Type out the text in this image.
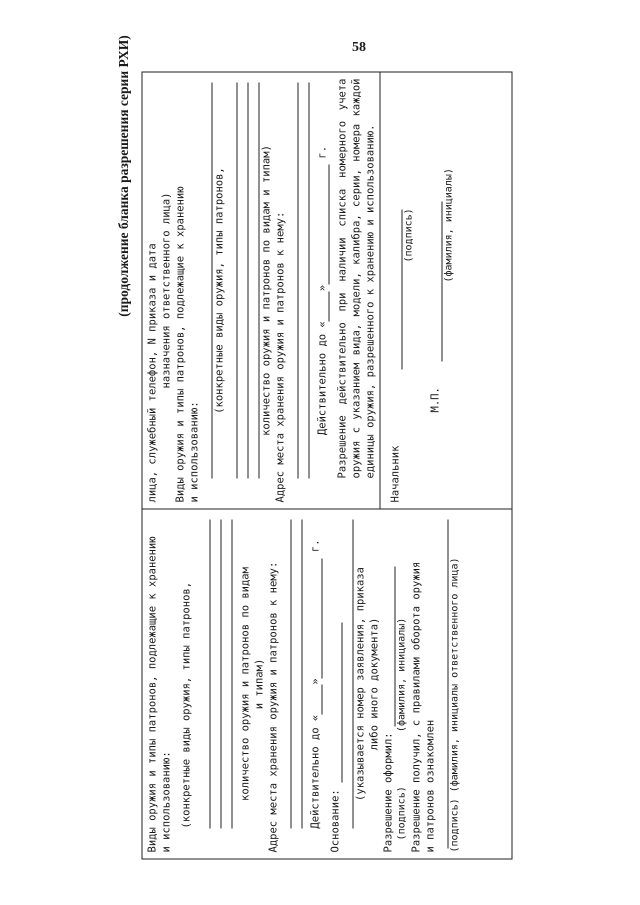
58
(продолжение бланка разрешения серии РХИ)
Виды оружия и типы патронов, подлежащие к хранению и использованию: (конкретные виды оружия, типы патронов,	количество оружия и патронов по видам и типам) Адрес места хранения оружия и патронов к нему:	Действительно до «» г.
Основание:
(указывается номер заявления, приказа либо иного документа)
Разрешение оформил: (подпись)         (фамилия, инициалы) Разрешение получил, с правилами оборота оружия и патронов ознакомлен (подпись) (фамилия, инициалы ответственного лица)
лица, служебный телефон, N приказа и дата назначения ответственного лица) Виды оружия и типы патронов, подлежащие к хранению и использованию:
(конкретные виды оружия, типы патронов,	количество оружия и патронов по видам и типам) Адрес места хранения оружия и патронов к нему:	Действительно до «» г. Разрешение действительно при наличии списка номерного учета оружия с указанием вида, модели, калибра, серии, номера каждой единицы оружия, разрешенного к хранению и использованию. Начальник
(подпись)
М.П.
(фамилия, инициалы)
